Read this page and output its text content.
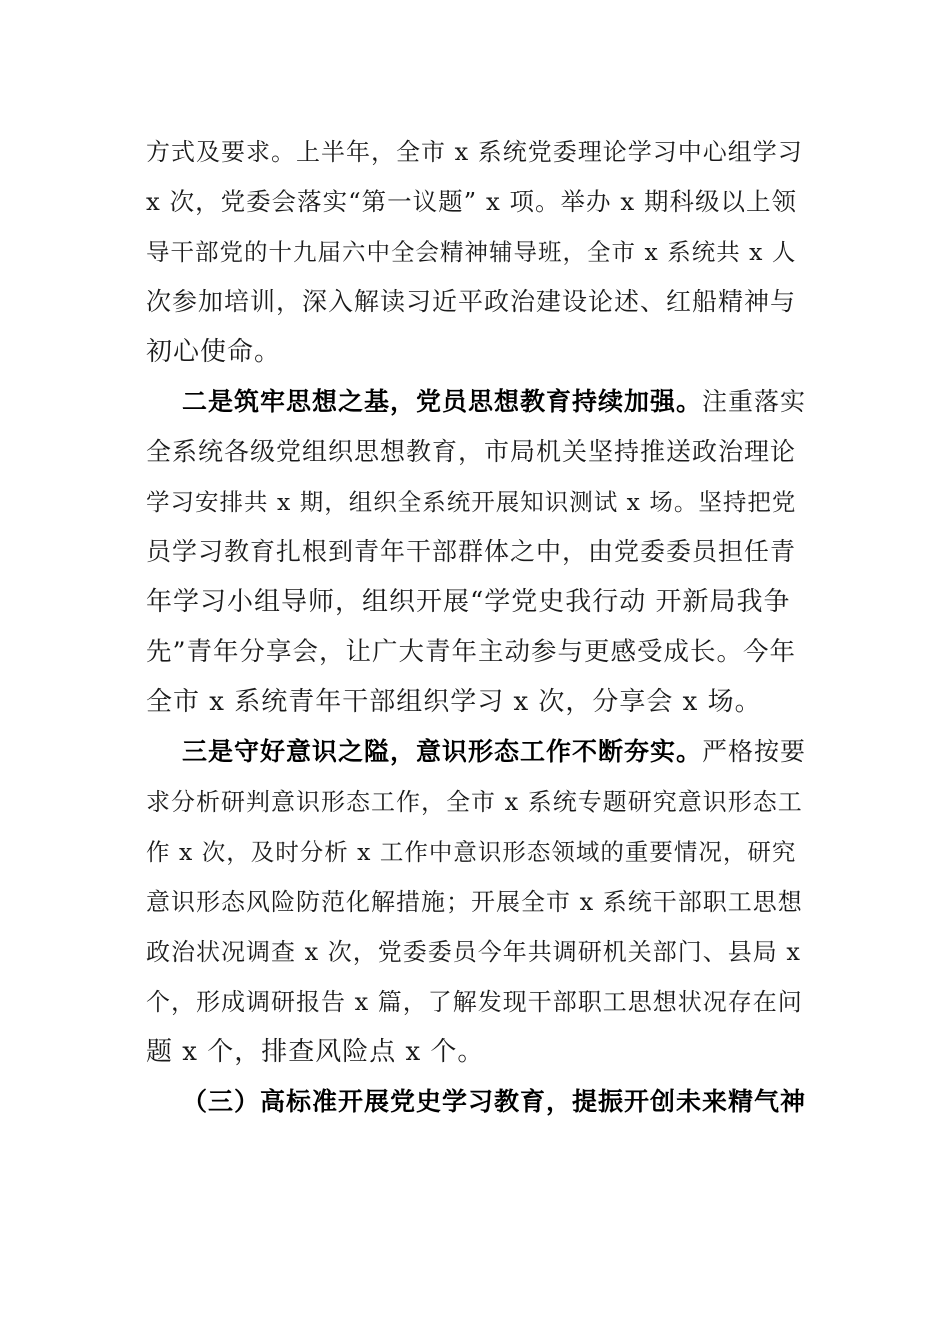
方式及要求。上半年，全市 x 系统党委理论学习中心组学习
x 次，党委会落实“第一议题” x 项。举办 x 期科级以上领
导干部党的十九届六中全会精神辅导班，全市 x 系统共 x 人
次参加培训，深入解读习近平政治建设论述、红船精神与
初心使命。
二是筑牢思想之基，党员思想教育持续加强。注重落实
全系统各级党组织思想教育，市局机关坚持推送政治理论
学习安排共 x 期，组织全系统开展知识测试 x 场。坚持把党
员学习教育扎根到青年干部群体之中，由党委委员担任青
年学习小组导师，组织开展“学党史我行动 开新局我争
先”青年分享会，让广大青年主动参与更感受成长。今年
全市 x 系统青年干部组织学习 x 次，分享会 x 场。
三是守好意识之隘，意识形态工作不断夯实。严格按要
求分析研判意识形态工作，全市 x 系统专题研究意识形态工
作 x 次，及时分析 x 工作中意识形态领域的重要情况，研究
意识形态风险防范化解措施；开展全市 x 系统干部职工思想
政治状况调查 x 次，党委委员今年共调研机关部门、县局 x
个，形成调研报告 x 篇，了解发现干部职工思想状况存在问
题 x 个，排查风险点 x 个。
（三）高标准开展党史学习教育，提振开创未来精气神
